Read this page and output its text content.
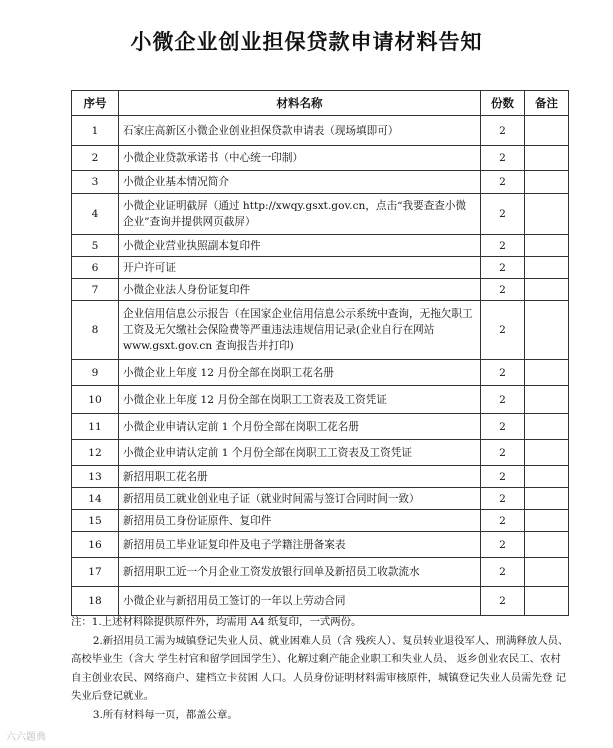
小微企业创业担保贷款申请材料告知
序号	材料名称	份数	备注
1	石家庄高新区小微企业创业担保贷款申请表（现场填即可）	2	
2	小微企业贷款承诺书（中心统一印制）	2	
3	小微企业基本情况简介	2	
4	小微企业证明截屏（通过 http://xwqy.gsxt.gov.cn，点击“我要查查小微企业”查询并提供网页截屏）	2	
5	小微企业营业执照副本复印件	2	
6	开户许可证	2	
7	小微企业法人身份证复印件	2	
8	企业信用信息公示报告（在国家企业信用信息公示系统中查询，无拖欠职工工资及无欠缴社会保险费等严重违法违规信用记录(企业自行在网站 www.gsxt.gov.cn 查询报告并打印)	2	
9	小微企业上年度 12 月份全部在岗职工花名册	2	
10	小微企业上年度 12 月份全部在岗职工工资表及工资凭证	2	
11	小微企业申请认定前 1 个月份全部在岗职工花名册	2	
12	小微企业申请认定前 1 个月份全部在岗职工工资表及工资凭证	2	
13	新招用职工花名册	2	
14	新招用员工就业创业电子证（就业时间需与签订合同时间一致）	2	
15	新招用员工身份证原件、复印件	2	
16	新招用员工毕业证复印件及电子学籍注册备案表	2	
17	新招用职工近一个月企业工资发放银行回单及新招员工收款流水	2	
18	小微企业与新招用员工签订的一年以上劳动合同	2	

注：1.上述材料除提供原件外，均需用 A4 纸复印，一式两份。

2.新招用员工需为城镇登记失业人员、就业困难人员（含 残疾人）、复员转业退役军人、刑满释放人员、高校毕业生（含大 学生村官和留学回国学生）、化解过剩产能企业职工和失业人员、 返乡创业农民工、农村自主创业农民、网络商户、建档立卡贫困 人口。人员身份证明材料需审核原件，城镇登记失业人员需先登 记失业后登记就业。

3.所有材料每一页，都盖公章。

六六题典
